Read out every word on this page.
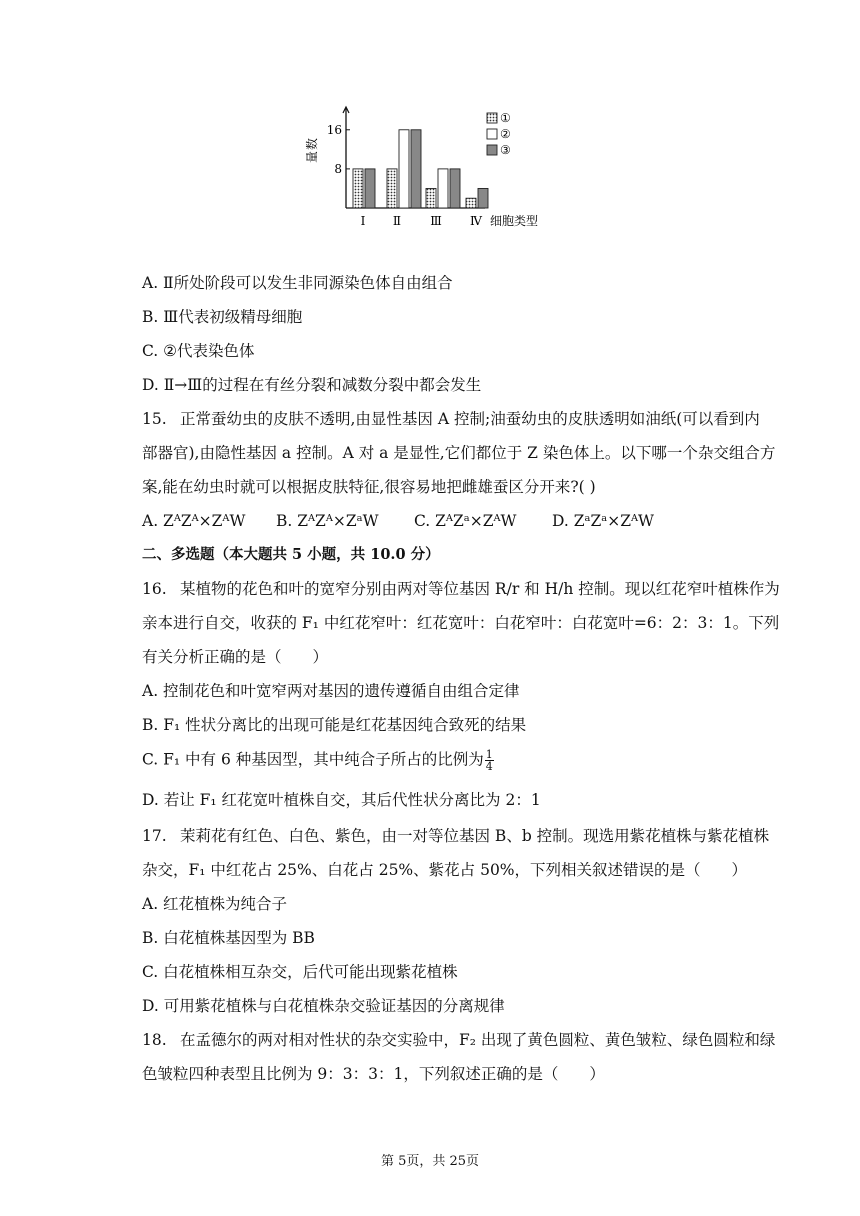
8
16
数
量
Ⅰ Ⅱ Ⅲ Ⅳ 细胞类型
①
②
③
A. Ⅱ所处阶段可以发生非同源染色体自由组合
B. Ⅲ代表初级精母细胞
C. ②代表染色体
D. Ⅱ→Ⅲ的过程在有丝分裂和减数分裂中都会发生
15. 正常蚕幼虫的皮肤不透明,由显性基因 A 控制;油蚕幼虫的皮肤透明如油纸(可以看到内
部器官),由隐性基因 a 控制。A 对 a 是显性,它们都位于 Z 染色体上。以下哪一个杂交组合方
案,能在幼虫时就可以根据皮肤特征,很容易地把雌雄蚕区分开来?( )
A. ZᴬZᴬ×ZᴬW B. ZᴬZᴬ×ZᵃW C. ZᴬZᵃ×ZᴬW D. ZᵃZᵃ×ZᴬW
二、多选题（本大题共 5 小题，共 10.0 分）
16. 某植物的花色和叶的宽窄分别由两对等位基因 R/r 和 H/h 控制。现以红花窄叶植株作为
亲本进行自交，收获的 F₁ 中红花窄叶：红花宽叶：白花窄叶：白花宽叶=6：2：3：1。下列
有关分析正确的是（　　）
A. 控制花色和叶宽窄两对基因的遗传遵循自由组合定律
B. F₁ 性状分离比的出现可能是红花基因纯合致死的结果
C. F₁ 中有 6 种基因型，其中纯合子所占的比例为 $\frac{1}{4}$
D. 若让 F₁ 红花宽叶植株自交，其后代性状分离比为 2：1
17. 茉莉花有红色、白色、紫色，由一对等位基因 B、b 控制。现选用紫花植株与紫花植株
杂交，F₁ 中红花占 25%、白花占 25%、紫花占 50%，下列相关叙述错误的是（　　）
A. 红花植株为纯合子
B. 白花植株基因型为 BB
C. 白花植株相互杂交，后代可能出现紫花植株
D. 可用紫花植株与白花植株杂交验证基因的分离规律
18. 在孟德尔的两对相对性状的杂交实验中，F₂ 出现了黄色圆粒、黄色皱粒、绿色圆粒和绿
色皱粒四种表型且比例为 9：3：3：1，下列叙述正确的是（　　）
第 5页，共 25页
